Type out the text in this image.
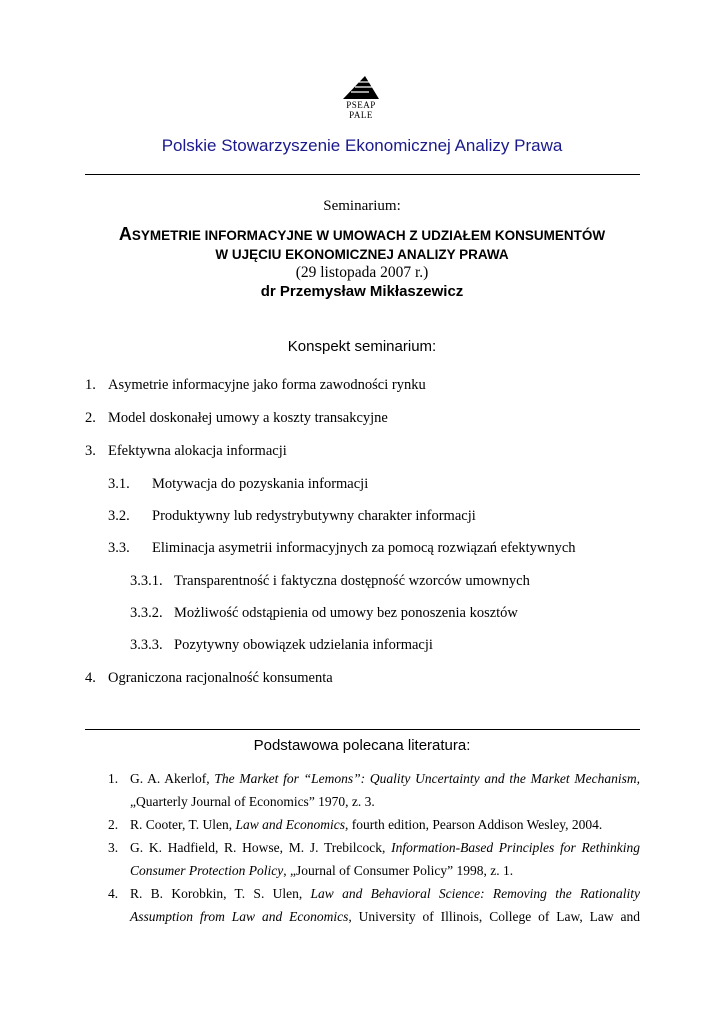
PSEAP
PALE
Polskie Stowarzyszenie Ekonomicznej Analizy Prawa
Seminarium:
ASYMETRIE INFORMACYJNE W UMOWACH Z UDZIAŁEM KONSUMENTÓW
W UJĘCIU EKONOMICZNEJ ANALIZY PRAWA
(29 listopada 2007 r.)
dr Przemysław Mikłaszewicz
Konspekt seminarium:
1. Asymetrie informacyjne jako forma zawodności rynku
2. Model doskonałej umowy a koszty transakcyjne
3. Efektywna alokacja informacji
3.1. Motywacja do pozyskania informacji
3.2. Produktywny lub redystrybutywny charakter informacji
3.3. Eliminacja asymetrii informacyjnych za pomocą rozwiązań efektywnych
3.3.1. Transparentność i faktyczna dostępność wzorców umownych
3.3.2. Możliwość odstąpienia od umowy bez ponoszenia kosztów
3.3.3. Pozytywny obowiązek udzielania informacji
4. Ograniczona racjonalność konsumenta
Podstawowa polecana literatura:
1. G. A. Akerlof, The Market for “Lemons”: Quality Uncertainty and the Market Mechanism, „Quarterly Journal of Economics” 1970, z. 3.
2. R. Cooter, T. Ulen, Law and Economics, fourth edition, Pearson Addison Wesley, 2004.
3. G. K. Hadfield, R. Howse, M. J. Trebilcock, Information-Based Principles for Rethinking Consumer Protection Policy, „Journal of Consumer Policy” 1998, z. 1.
4. R. B. Korobkin, T. S. Ulen, Law and Behavioral Science: Removing the Rationality Assumption from Law and Economics, University of Illinois, College of Law, Law and
